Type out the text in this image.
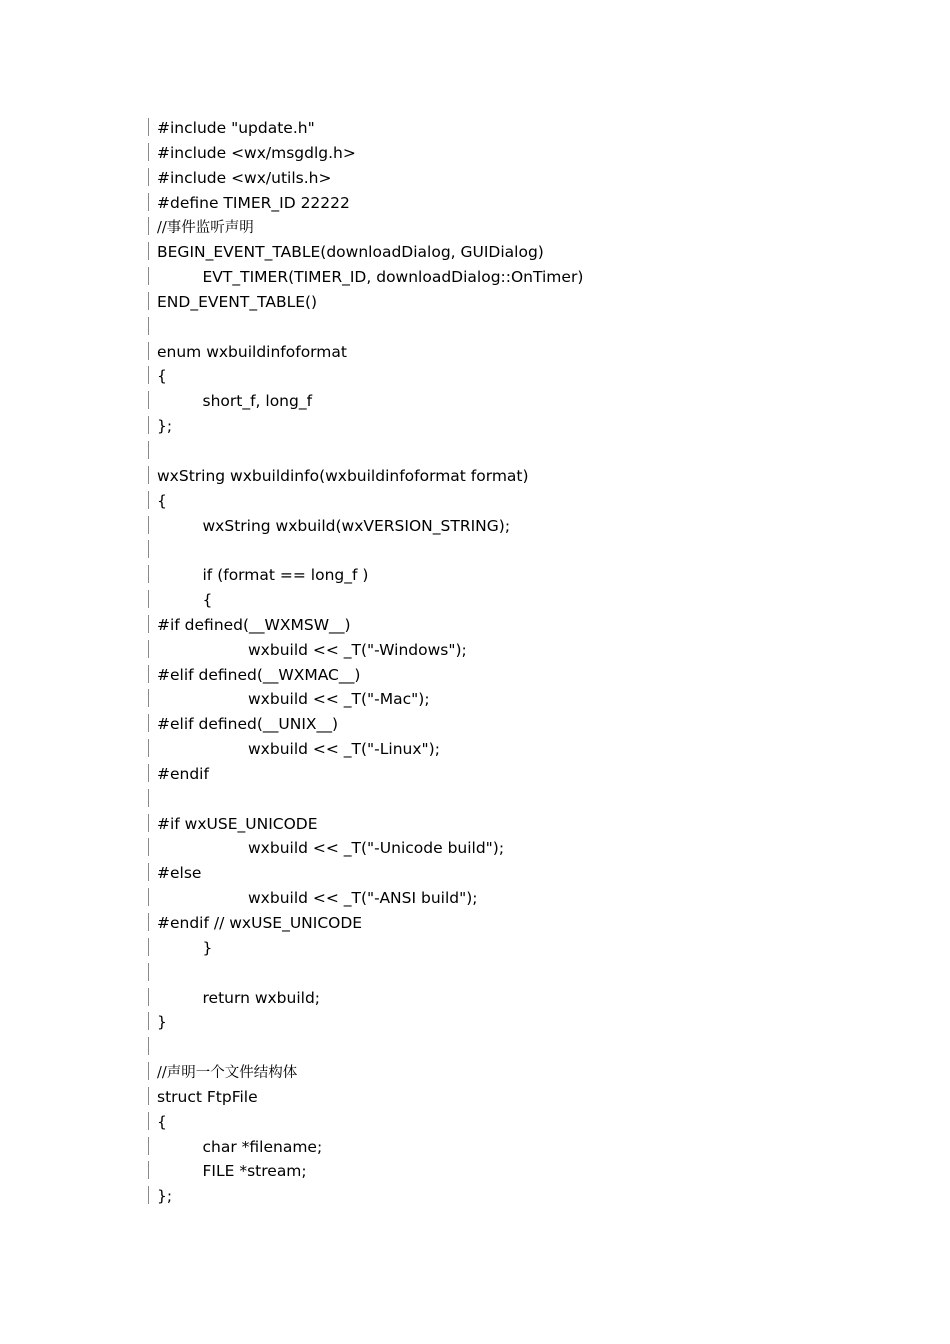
#include "update.h"
#include <wx/msgdlg.h>
#include <wx/utils.h>
#define TIMER_ID 22222
//事件监听声明
BEGIN_EVENT_TABLE(downloadDialog, GUIDialog)
EVT_TIMER(TIMER_ID, downloadDialog::OnTimer)
END_EVENT_TABLE()
enum wxbuildinfoformat
{
short_f, long_f
};
wxString wxbuildinfo(wxbuildinfoformat format)
{
wxString wxbuild(wxVERSION_STRING);
if (format == long_f )
{
#if defined(__WXMSW__)
wxbuild << _T("-Windows");
#elif defined(__WXMAC__)
wxbuild << _T("-Mac");
#elif defined(__UNIX__)
wxbuild << _T("-Linux");
#endif
#if wxUSE_UNICODE
wxbuild << _T("-Unicode build");
#else
wxbuild << _T("-ANSI build");
#endif // wxUSE_UNICODE
}
return wxbuild;
}
//声明一个文件结构体
struct FtpFile
{
char *filename;
FILE *stream;
};
